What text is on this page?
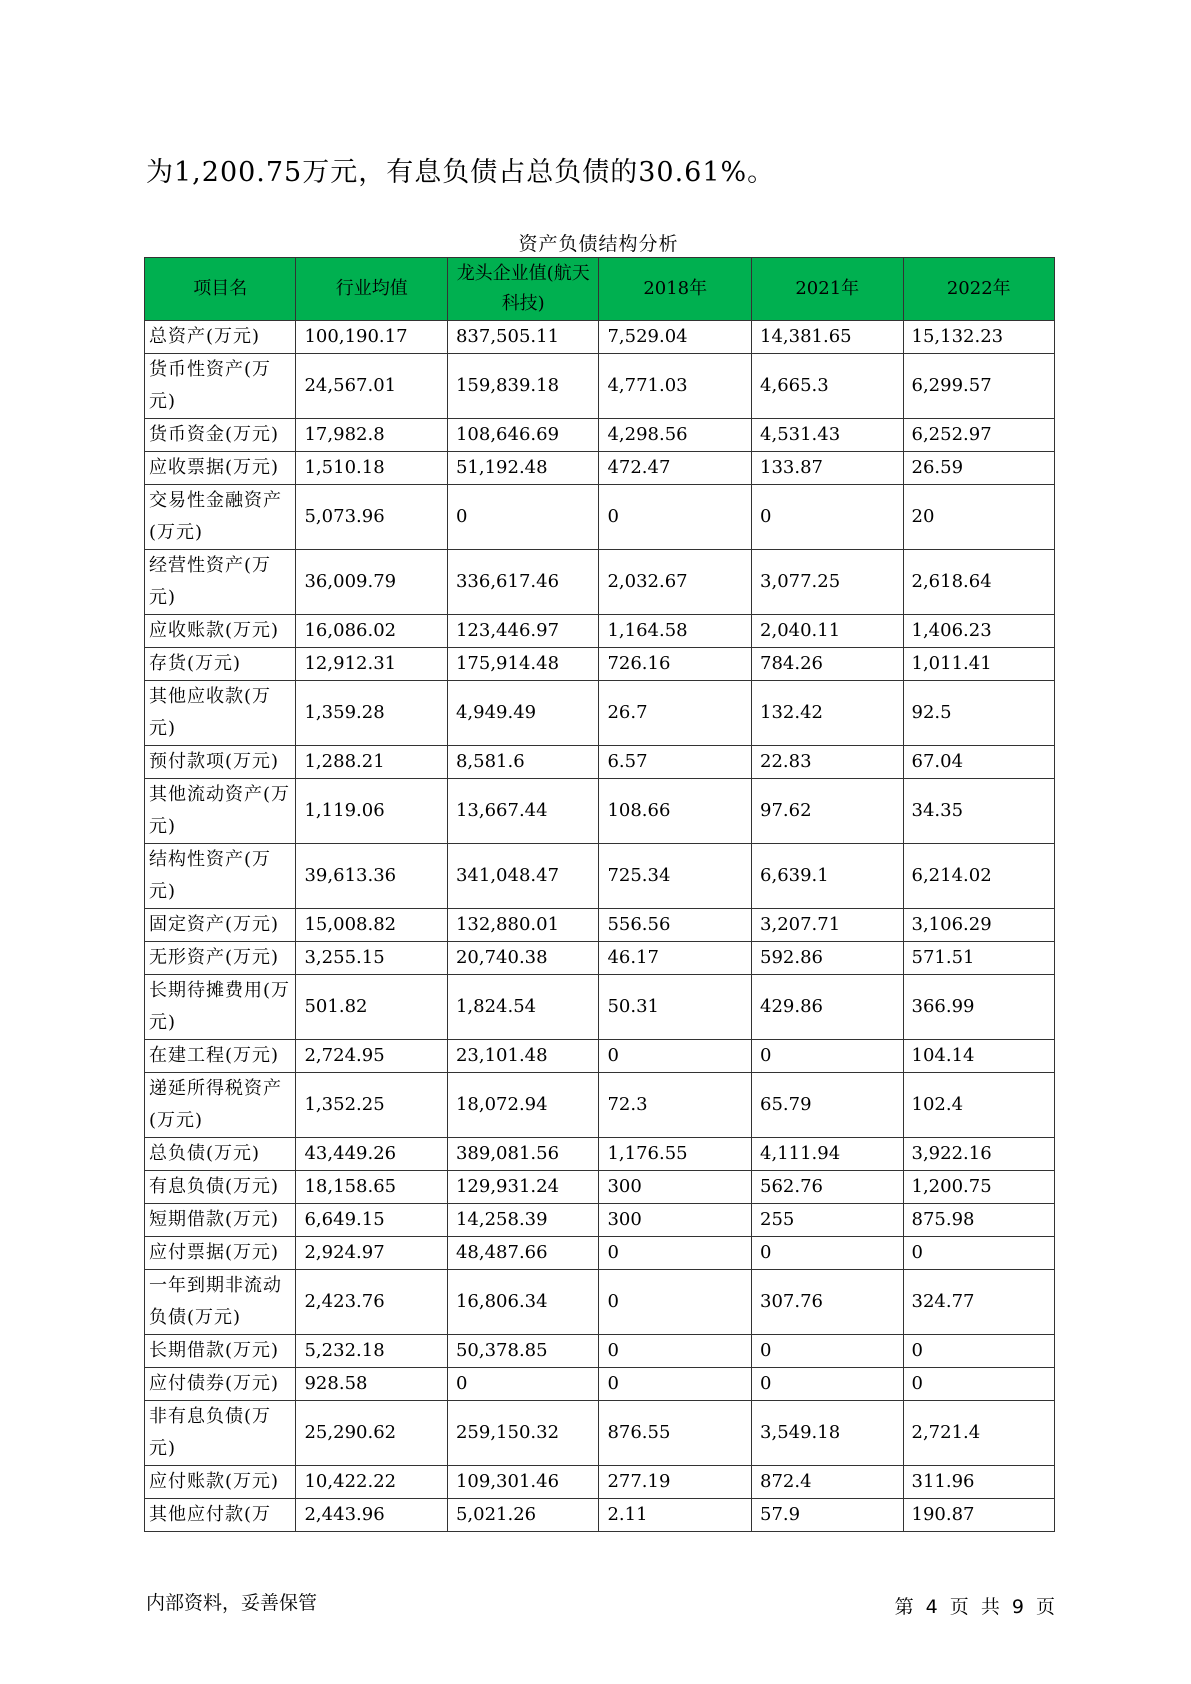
为1,200.75万元，有息负债占总负债的30.61%。
资产负债结构分析
项目名	行业均值	龙头企业值(航天科技)	2018年	2021年	2022年
总资产(万元)	100,190.17	837,505.11	7,529.04	14,381.65	15,132.23
货币性资产(万元)	24,567.01	159,839.18	4,771.03	4,665.3	6,299.57
货币资金(万元)	17,982.8	108,646.69	4,298.56	4,531.43	6,252.97
应收票据(万元)	1,510.18	51,192.48	472.47	133.87	26.59
交易性金融资产(万元)	5,073.96	0	0	0	20
经营性资产(万元)	36,009.79	336,617.46	2,032.67	3,077.25	2,618.64
应收账款(万元)	16,086.02	123,446.97	1,164.58	2,040.11	1,406.23
存货(万元)	12,912.31	175,914.48	726.16	784.26	1,011.41
其他应收款(万元)	1,359.28	4,949.49	26.7	132.42	92.5
预付款项(万元)	1,288.21	8,581.6	6.57	22.83	67.04
其他流动资产(万元)	1,119.06	13,667.44	108.66	97.62	34.35
结构性资产(万元)	39,613.36	341,048.47	725.34	6,639.1	6,214.02
固定资产(万元)	15,008.82	132,880.01	556.56	3,207.71	3,106.29
无形资产(万元)	3,255.15	20,740.38	46.17	592.86	571.51
长期待摊费用(万元)	501.82	1,824.54	50.31	429.86	366.99
在建工程(万元)	2,724.95	23,101.48	0	0	104.14
递延所得税资产(万元)	1,352.25	18,072.94	72.3	65.79	102.4
总负债(万元)	43,449.26	389,081.56	1,176.55	4,111.94	3,922.16
有息负债(万元)	18,158.65	129,931.24	300	562.76	1,200.75
短期借款(万元)	6,649.15	14,258.39	300	255	875.98
应付票据(万元)	2,924.97	48,487.66	0	0	0
一年到期非流动负债(万元)	2,423.76	16,806.34	0	307.76	324.77
长期借款(万元)	5,232.18	50,378.85	0	0	0
应付债券(万元)	928.58	0	0	0	0
非有息负债(万元)	25,290.62	259,150.32	876.55	3,549.18	2,721.4
应付账款(万元)	10,422.22	109,301.46	277.19	872.4	311.96
其他应付款(万	2,443.96	5,021.26	2.11	57.9	190.87
内部资料，妥善保管	第 4 页 共 9 页
